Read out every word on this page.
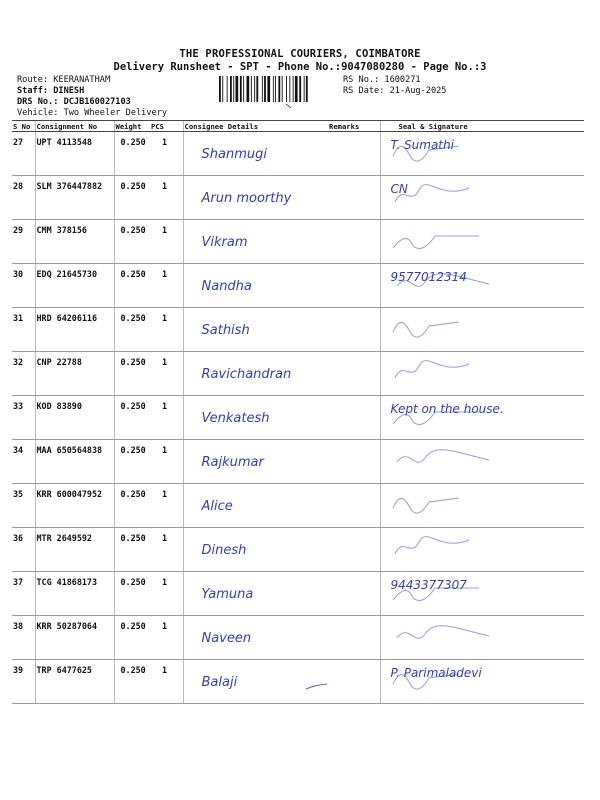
THE PROFESSIONAL COURIERS, COIMBATORE
Delivery Runsheet - SPT - Phone No.:9047080280 - Page No.:3
Route: KEERANATHAM
Staff: DINESH
DRS No.: DCJB160027103
Vehicle: Two Wheeler Delivery
RS No.: 1600271
RS Date: 21-Aug-2025
S No	Consignment No	Weight	PCS	Consignee Details	Remarks	Seal & Signature
27	UPT 4113548	0.250	1	Shanmugi		T. Sumathi

28	SLM 376447882	0.250	1	Arun moorthy		CN

29	CMM 378156	0.250	1	Vikram

30	EDQ 21645730	0.250	1	Nandha		9577012314

31	HRD 64206116	0.250	1	Sathish

32	CNP 22788	0.250	1	Ravichandran

33	KOD 83890	0.250	1	Venkatesh		Kept on the house.

34	MAA 650564838	0.250	1	Rajkumar

35	KRR 600047952	0.250	1	Alice

36	MTR 2649592	0.250	1	Dinesh

37	TCG 41868173	0.250	1	Yamuna		9443377307

38	KRR 50287064	0.250	1	Naveen

39	TRP 6477625	0.250	1	Balaji		P. Parimaladevi
